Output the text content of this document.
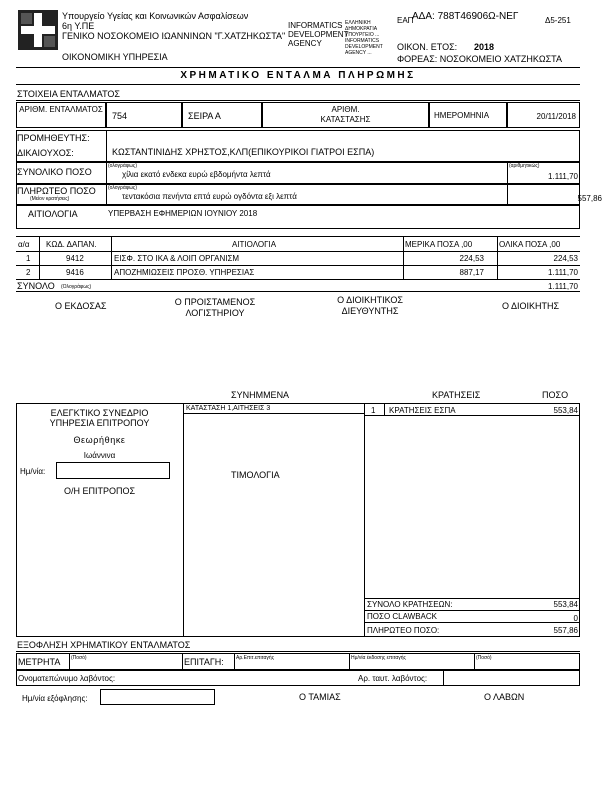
Υπουργείο Υγείας και Κοινωνικών Ασφαλίσεων
6η Υ.ΠΕ
ΓΕΝΙΚΟ ΝΟΣΟΚΟΜΕΙΟ ΙΩΑΝΝΙΝΩΝ "Γ.ΧΑΤΖΗΚΩΣΤΑ"
ΟΙΚΟΝΟΜΙΚΗ ΥΠΗΡΕΣΙΑ
INFORMATICS DEVELOPMENT AGENCY
ΕΛΛΗΝΙΚΗ ΔΗΜΟΚΡΑΤΙΑ ΥΠΟΥΡΓΕΙΟ ... INFORMATICS DEVELOPMENT AGENCY ...
ΕΑΠ
ΑΔΑ: 788Τ46906Ω-ΝΕΓ	Δ5-251
ΟΙΚΟΝ. ΕΤΟΣ: 2018
ΦΟΡΕΑΣ: ΝΟΣΟΚΟΜΕΙΟ ΧΑΤΖΗΚΩΣΤΑ
ΧΡΗΜΑΤΙΚΟ ΕΝΤΑΛΜΑ ΠΛΗΡΩΜΗΣ
ΣΤΟΙΧΕΙΑ ΕΝΤΑΛΜΑΤΟΣ
ΑΡΙΘΜ. ΕΝΤΑΛΜΑΤΟΣ
754	ΣΕΙΡΑ Α
ΑΡΙΘΜ. ΚΑΤΑΣΤΑΣΗΣ	ΗΜΕΡΟΜΗΝΙΑ	20/11/2018
ΠΡΟΜΗΘΕΥΤΗΣ:
ΔΙΚΑΙΟΥΧΟΣ:	ΚΩΣΤΑΝΤΙΝΙΔΗΣ ΧΡΗΣΤΟΣ,ΚΛΠ(ΕΠΙΚΟΥΡΙΚΟΙ ΓΙΑΤΡΟΙ ΕΣΠΑ)
ΣΥΝΟΛΙΚΟ ΠΟΣΟ
(ολογράφως)
χίλια εκατό ενδεκα ευρώ εβδομήντα λεπτά
(αριθμητικώς)
1.111,70
ΠΛΗΡΩΤΕΟ ΠΟΣΟ
(Μείον κρατήσεις)
(ολογράφως)
τεντακόσια πενήντα επτά ευρώ ογδόντα εξι λεπτά	557,86
ΑΙΤΙΟΛΟΓΙΑ	ΥΠΕΡΒΑΣΗ ΕΦΗΜΕΡΙΩΝ ΙΟΥΝΙΟΥ 2018
α/α ΚΩΔ. ΔΑΠΑΝ.	ΑΙΤΙΟΛΟΓΙΑ	ΜΕΡΙΚΑ ΠΟΣΑ ,00	ΟΛΙΚΑ ΠΟΣΑ ,00
1	9412	ΕΙΣΦ. ΣΤΟ ΙΚΑ & ΛΟΙΠ ΟΡΓΑΝΙΣΜ	224,53	224,53
2	9416	ΑΠΟΖΗΜΙΩΣΕΙΣ ΠΡΟΣΘ. ΥΠΗΡΕΣΙΑΣ	887,17	1.111,70
ΣΥΝΟΛΟ (Ολογράφως)	1.111,70
Ο ΕΚΔΟΣΑΣ	Ο ΠΡΟΙΣΤΑΜΕΝΟΣ ΛΟΓΙΣΤΗΡΙΟΥ
Ο ΔΙΟΙΚΗΤΙΚΟΣ ΔΙΕΥΘΥΝΤΗΣ	Ο ΔΙΟΙΚΗΤΗΣ
ΣΥΝΗΜΜΕΝΑ	ΚΡΑΤΗΣΕΙΣ	ΠΟΣΟ
ΕΛΕΓΚΤΙΚΟ ΣΥΝΕΔΡΙΟ
ΥΠΗΡΕΣΙΑ ΕΠΙΤΡΟΠΟΥ
Θεωρήθηκε
Ιωάννινα
Ημ/νία:
Ο/Η ΕΠΙΤΡΟΠΟΣ
ΚΑΤΑΣΤΑΣΗ 1,ΑΙΤΗΣΕΙΣ 3
ΤΙΜΟΛΟΓΙΑ
1 ΚΡΑΤΗΣΕΙΣ ΕΣΠΑ	553,84
ΣΥΝΟΛΟ ΚΡΑΤΗΣΕΩΝ:	553,84
ΠΟΣΟ CLAWBACK	0
ΠΛΗΡΩΤΕΟ ΠΟΣΟ:	557,86
ΕΞΟΦΛΗΣΗ ΧΡΗΜΑΤΙΚΟΥ ΕΝΤΑΛΜΑΤΟΣ
ΜΕΤΡΗΤΑ (Ποσό)	ΕΠΙΤΑΓΗ: Αρ.Επιτ.επιταγής	Ημ/νία έκδοσης επιταγής	(Ποσό)
Ονοματεπώνυμο λαβόντος:	Αρ. ταυτ. λαβόντος:
Ημ/νία εξόφλησης:	Ο ΤΑΜΙΑΣ	Ο ΛΑΒΩΝ
